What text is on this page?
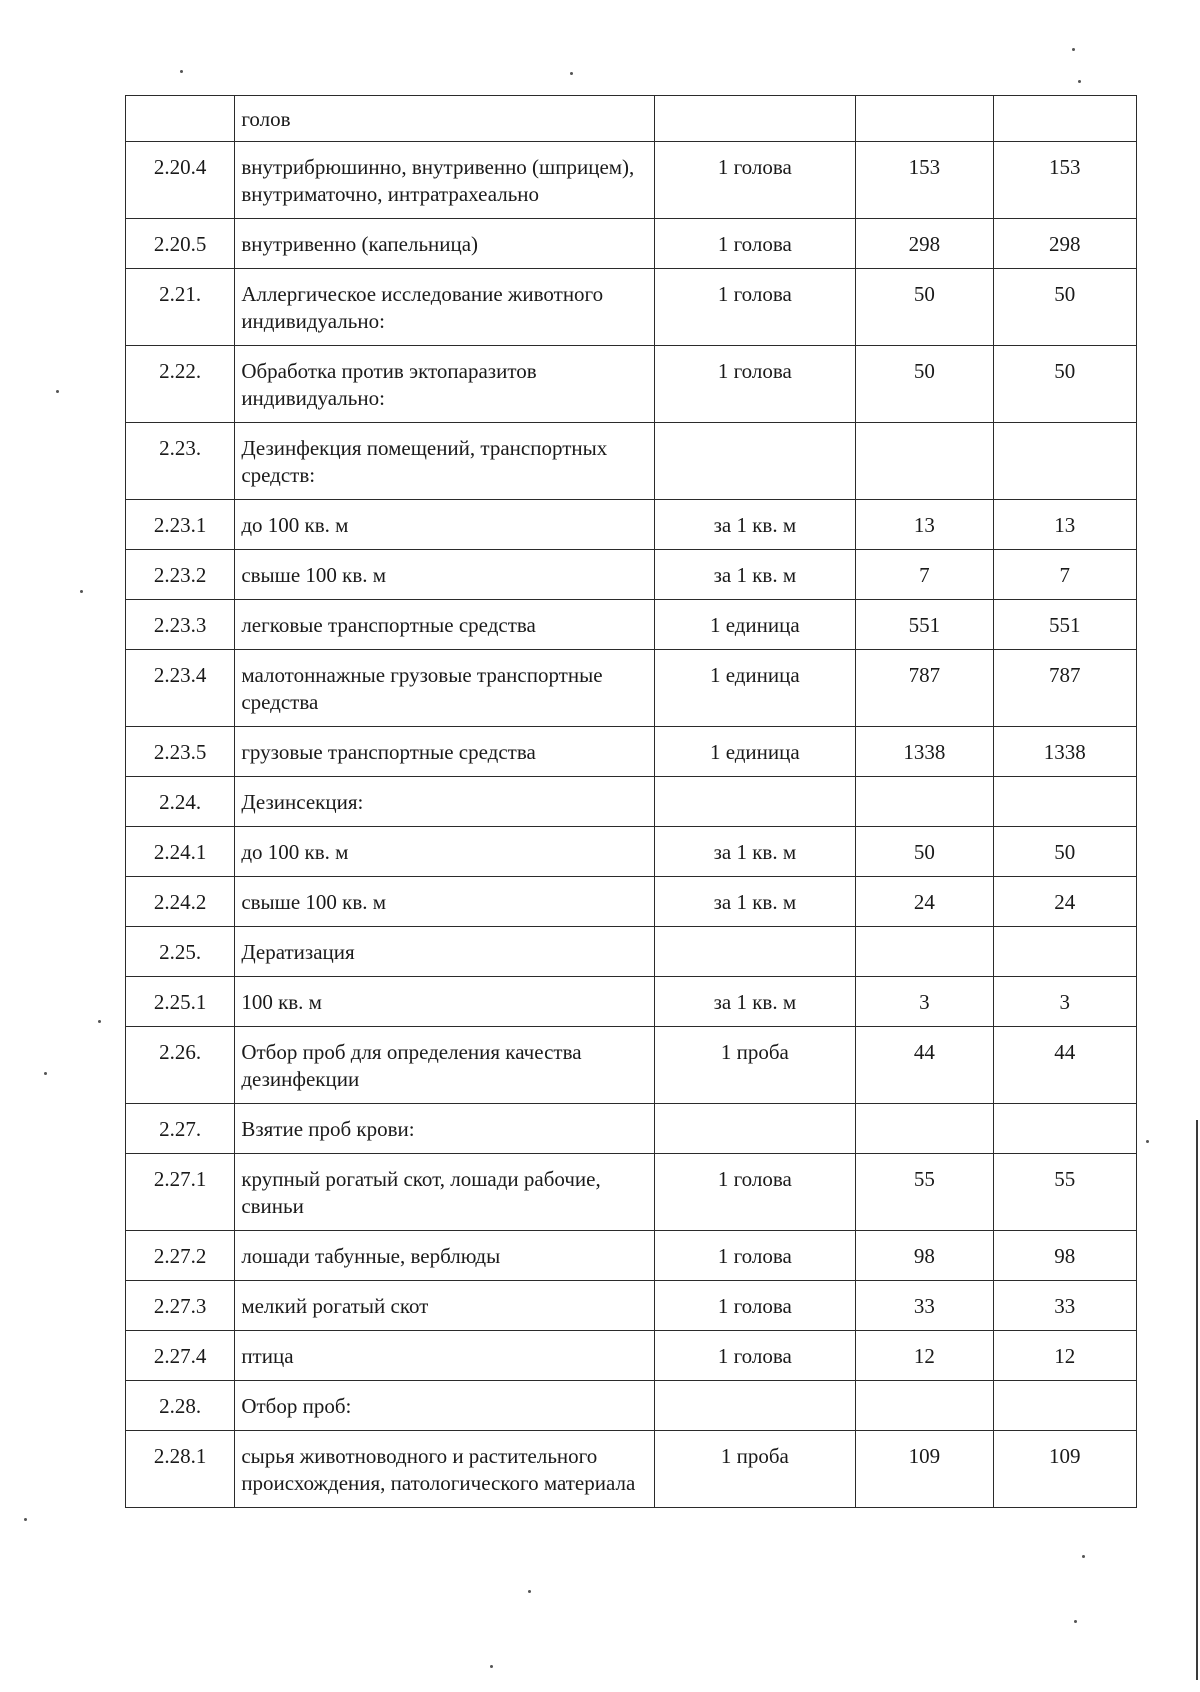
	голов			
2.20.4	внутрибрюшинно, внутривенно (шприцем), внутриматочно, интратрахеально	1 голова	153	153
2.20.5	внутривенно (капельница)	1 голова	298	298
2.21.	Аллергическое исследование животного индивидуально:	1 голова	50	50
2.22.	Обработка против эктопаразитов индивидуально:	1 голова	50	50
2.23.	Дезинфекция помещений, транспортных средств:			
2.23.1	до 100 кв. м	за 1 кв. м	13	13
2.23.2	свыше 100 кв. м	за 1 кв. м	7	7
2.23.3	легковые транспортные средства	1 единица	551	551
2.23.4	малотоннажные грузовые транспортные средства	1 единица	787	787
2.23.5	грузовые транспортные средства	1 единица	1338	1338
2.24.	Дезинсекция:			
2.24.1	до 100 кв. м	за 1 кв. м	50	50
2.24.2	свыше 100 кв. м	за 1 кв. м	24	24
2.25.	Дератизация			
2.25.1	100 кв. м	за 1 кв. м	3	3
2.26.	Отбор проб для определения качества дезинфекции	1 проба	44	44
2.27.	Взятие проб крови:			
2.27.1	крупный рогатый скот, лошади рабочие, свиньи	1 голова	55	55
2.27.2	лошади табунные, верблюды	1 голова	98	98
2.27.3	мелкий рогатый скот	1 голова	33	33
2.27.4	птица	1 голова	12	12
2.28.	Отбор проб:			
2.28.1	сырья животноводного и растительного происхождения, патологического материала	1 проба	109	109
